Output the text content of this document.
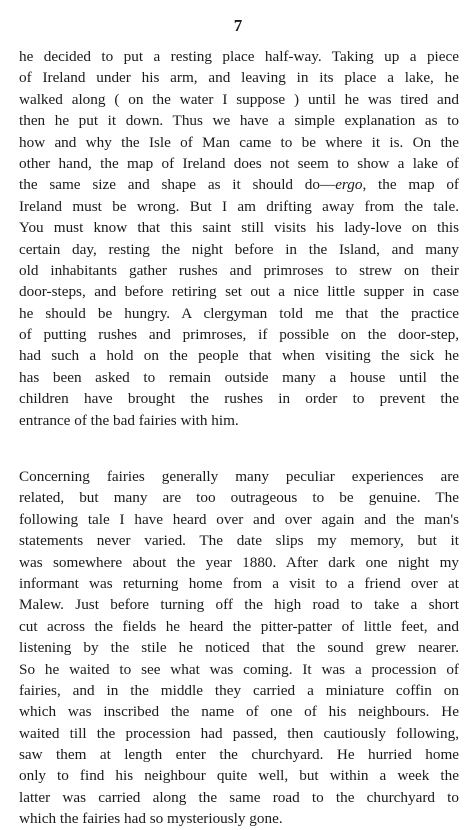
7
he decided to put a resting place half-way. Taking up a piece
of Ireland under his arm, and leaving in its place a lake, he
walked along ( on the water I suppose ) until he was tired and
then he put it down. Thus we have a simple explanation as to
how and why the Isle of Man came to be where it is. On the
other hand, the map of Ireland does not seem to show a lake of
the same size and shape as it should do—ergo, the map of
Ireland must be wrong. But I am drifting away from the tale.
You must know that this saint still visits his lady-love on this
certain day, resting the night before in the Island, and many
old inhabitants gather rushes and primroses to strew on their
door-steps, and before retiring set out a nice little supper in case
he should be hungry. A clergyman told me that the practice
of putting rushes and primroses, if possible on the door-step,
had such a hold on the people that when visiting the sick he
has been asked to remain outside many a house until the
children have brought the rushes in order to prevent the
entrance of the bad fairies with him.
Concerning fairies generally many peculiar experiences are
related, but many are too outrageous to be genuine. The
following tale I have heard over and over again and the man's
statements never varied. The date slips my memory, but it
was somewhere about the year 1880. After dark one night my
informant was returning home from a visit to a friend over at
Malew. Just before turning off the high road to take a short
cut across the fields he heard the pitter-patter of little feet, and
listening by the stile he noticed that the sound grew nearer.
So he waited to see what was coming. It was a procession of
fairies, and in the middle they carried a miniature coffin on
which was inscribed the name of one of his neighbours. He
waited till the procession had passed, then cautiously following,
saw them at length enter the churchyard. He hurried home
only to find his neighbour quite well, but within a week the
latter was carried along the same road to the churchyard to
which the fairies had so mysteriously gone.
